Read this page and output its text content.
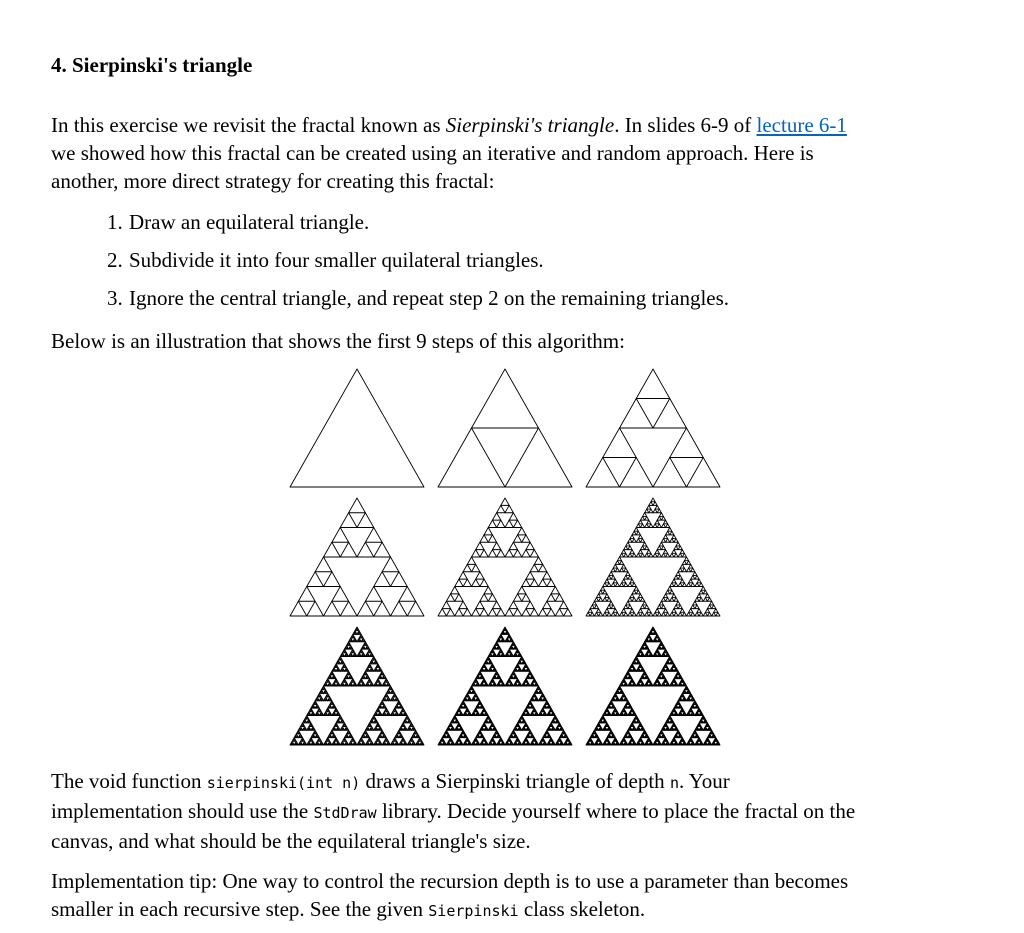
4. Sierpinski's triangle
In this exercise we revisit the fractal known as Sierpinski's triangle. In slides 6-9 of lecture 6-1
we showed how this fractal can be created using an iterative and random approach. Here is
another, more direct strategy for creating this fractal:
1. Draw an equilateral triangle.
2. Subdivide it into four smaller quilateral triangles.
3. Ignore the central triangle, and repeat step 2 on the remaining triangles.
Below is an illustration that shows the first 9 steps of this algorithm:
The void function sierpinski(int n) draws a Sierpinski triangle of depth n. Your
implementation should use the StdDraw library. Decide yourself where to place the fractal on the
canvas, and what should be the equilateral triangle's size.
Implementation tip: One way to control the recursion depth is to use a parameter than becomes
smaller in each recursive step. See the given Sierpinski class skeleton.
